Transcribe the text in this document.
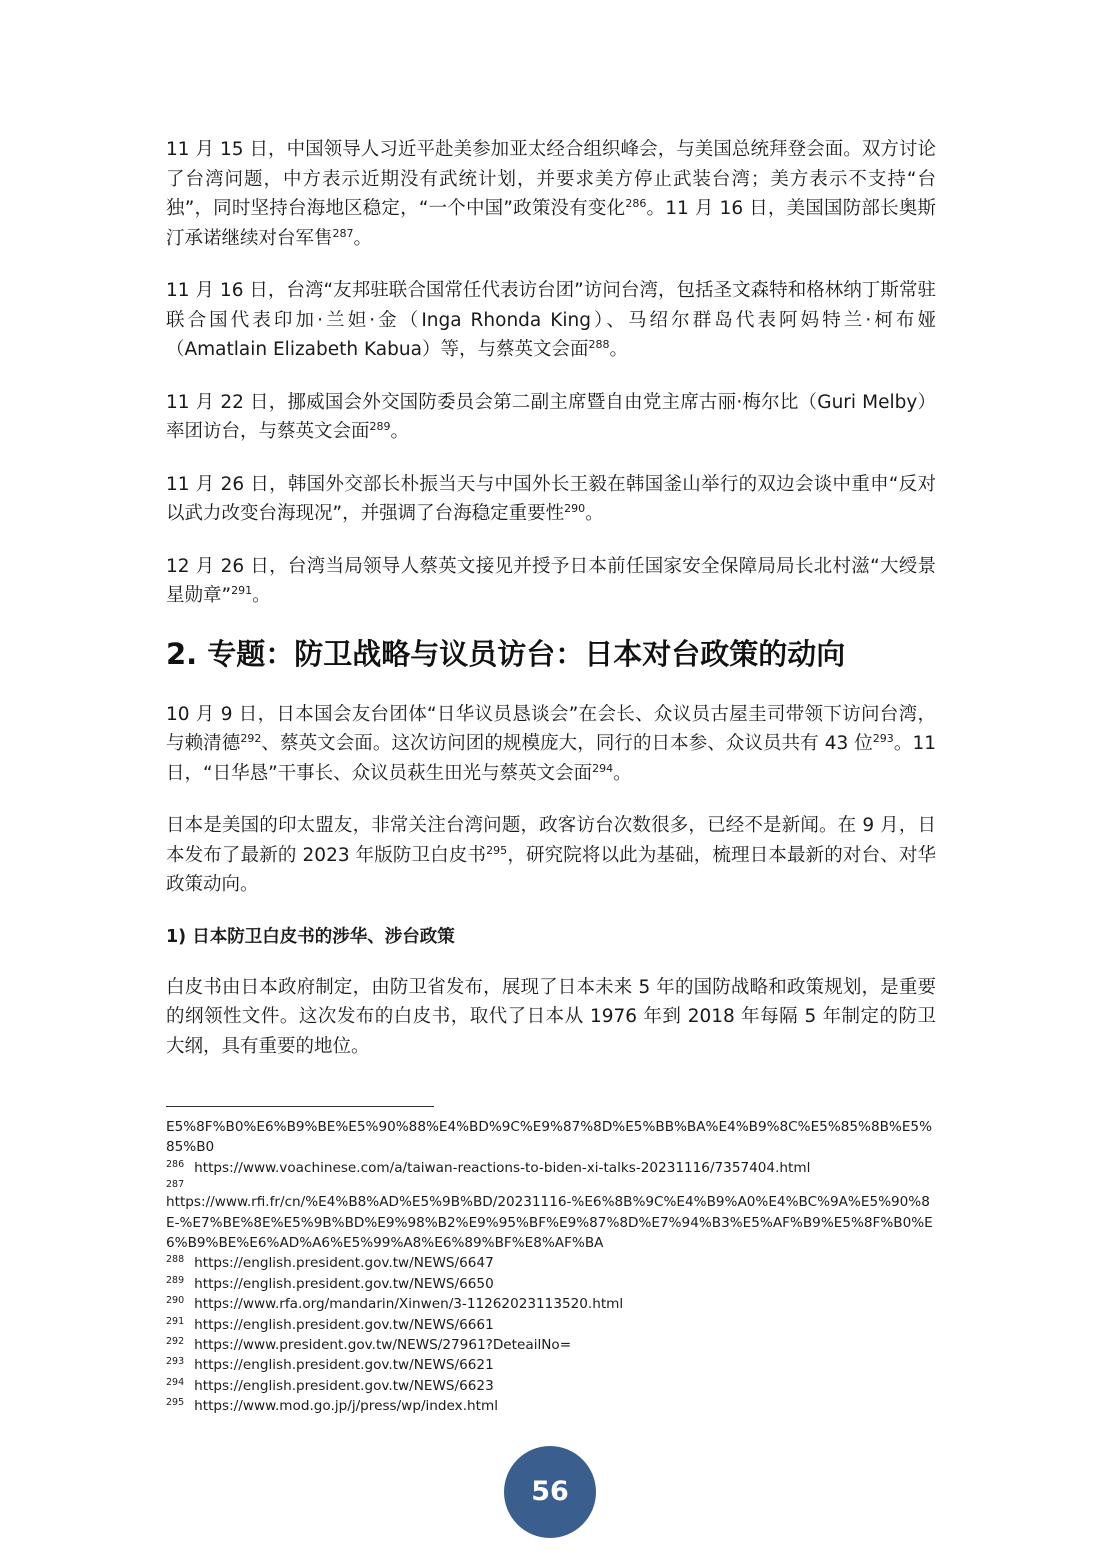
11 月 15 日，中国领导人习近平赴美参加亚太经合组织峰会，与美国总统拜登会面。双方讨论了台湾问题，中方表示近期没有武统计划，并要求美方停止武装台湾；美方表示不支持“台独”，同时坚持台海地区稳定，“一个中国”政策没有变化$^{286}$。11 月 16 日，美国国防部长奥斯汀承诺继续对台军售$^{287}$。

11 月 16 日，台湾“友邦驻联合国常任代表访台团”访问台湾，包括圣文森特和格林纳丁斯常驻联合国代表印加·兰妲·金（Inga Rhonda King）、马绍尔群岛代表阿妈特兰·柯布娅（Amatlain Elizabeth Kabua）等，与蔡英文会面$^{288}$。

11 月 22 日，挪威国会外交国防委员会第二副主席暨自由党主席古丽·梅尔比（Guri Melby）率团访台，与蔡英文会面$^{289}$。

11 月 26 日，韩国外交部长朴振当天与中国外长王毅在韩国釜山举行的双边会谈中重申“反对以武力改变台海现况”，并强调了台海稳定重要性$^{290}$。

12 月 26 日，台湾当局领导人蔡英文接见并授予日本前任国家安全保障局局长北村滋“大绶景星勋章”$^{291}$。

2. 专题：防卫战略与议员访台：日本对台政策的动向

10 月 9 日，日本国会友台团体“日华议员恳谈会”在会长、众议员古屋圭司带领下访问台湾，与赖清德$^{292}$、蔡英文会面。这次访问团的规模庞大，同行的日本参、众议员共有 43 位$^{293}$。11 日，“日华恳”干事长、众议员萩生田光与蔡英文会面$^{294}$。

日本是美国的印太盟友，非常关注台湾问题，政客访台次数很多，已经不是新闻。在 9 月，日本发布了最新的 2023 年版防卫白皮书$^{295}$，研究院将以此为基础，梳理日本最新的对台、对华政策动向。

1) 日本防卫白皮书的涉华、涉台政策

白皮书由日本政府制定，由防卫省发布，展现了日本未来 5 年的国防战略和政策规划，是重要的纲领性文件。这次发布的白皮书，取代了日本从 1976 年到 2018 年每隔 5 年制定的防卫大纲，具有重要的地位。

E5%8F%B0%E6%B9%BE%E5%90%88%E4%BD%9C%E9%87%8D%E5%BB%BA%E4%B9%8C%E5%85%8B%E5%85%B0
$^{286}$ https://www.voachinese.com/a/taiwan-reactions-to-biden-xi-talks-20231116/7357404.html
287
https://www.rfi.fr/cn/%E4%B8%AD%E5%9B%BD/20231116-%E6%8B%9C%E4%B9%A0%E4%BC%9A%E5%90%8E-%E7%BE%8E%E5%9B%BD%E9%98%B2%E9%95%BF%E9%87%8D%E7%94%B3%E5%AF%B9%E5%8F%B0%E6%B9%BE%E6%AD%A6%E5%99%A8%E6%89%BF%E8%AF%BA
$^{288}$ https://english.president.gov.tw/NEWS/6647
$^{289}$ https://english.president.gov.tw/NEWS/6650
$^{290}$ https://www.rfa.org/mandarin/Xinwen/3-11262023113520.html
$^{291}$ https://english.president.gov.tw/NEWS/6661
$^{292}$ https://www.president.gov.tw/NEWS/27961?DeteailNo=
$^{293}$ https://english.president.gov.tw/NEWS/6621
$^{294}$ https://english.president.gov.tw/NEWS/6623
$^{295}$ https://www.mod.go.jp/j/press/wp/index.html
56
